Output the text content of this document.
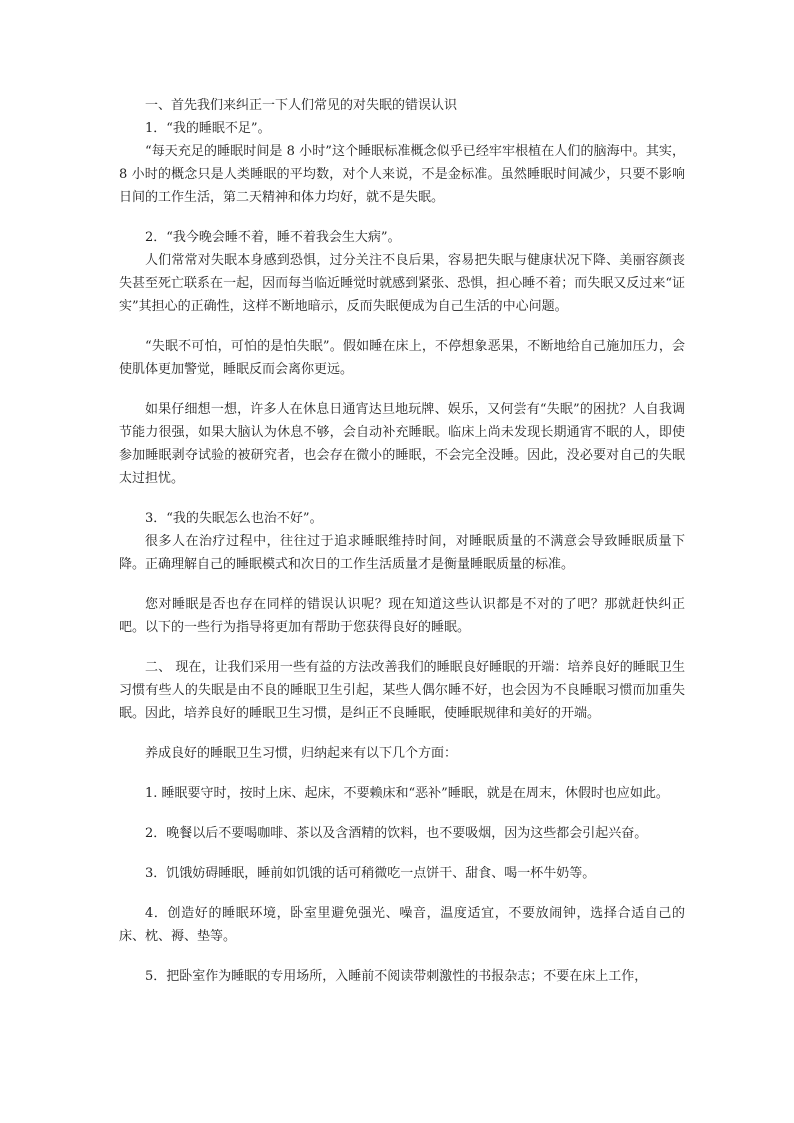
一、首先我们来纠正一下人们常见的对失眠的错误认识

1．“我的睡眠不足”。

“每天充足的睡眠时间是 8 小时”这个睡眠标准概念似乎已经牢牢根植在人们的脑海中。其实， 8 小时的概念只是人类睡眠的平均数，对个人来说，不是金标准。虽然睡眠时间减少，只要不影响日间的工作生活，第二天精神和体力均好，就不是失眠。

2．“我今晚会睡不着，睡不着我会生大病”。

人们常常对失眠本身感到恐惧，过分关注不良后果，容易把失眠与健康状况下降、美丽容颜丧失甚至死亡联系在一起，因而每当临近睡觉时就感到紧张、恐惧，担心睡不着；而失眠又反过来“证实”其担心的正确性，这样不断地暗示，反而失眠便成为自己生活的中心问题。

“失眠不可怕，可怕的是怕失眠”。假如睡在床上，不停想象恶果，不断地给自己施加压力，会使肌体更加警觉，睡眠反而会离你更远。

如果仔细想一想，许多人在休息日通宵达旦地玩牌、娱乐，又何尝有“失眠”的困扰？人自我调节能力很强，如果大脑认为休息不够，会自动补充睡眠。临床上尚未发现长期通宵不眠的人，即使参加睡眠剥夺试验的被研究者，也会存在微小的睡眠，不会完全没睡。因此，没必要对自己的失眠太过担忧。

3．“我的失眠怎么也治不好”。

很多人在治疗过程中，往往过于追求睡眠维持时间，对睡眠质量的不满意会导致睡眠质量下降。正确理解自己的睡眠模式和次日的工作生活质量才是衡量睡眠质量的标准。

您对睡眠是否也存在同样的错误认识呢？现在知道这些认识都是不对的了吧？那就赶快纠正吧。以下的一些行为指导将更加有帮助于您获得良好的睡眠。

二、 现在，让我们采用一些有益的方法改善我们的睡眠良好睡眠的开端：培养良好的睡眠卫生习惯有些人的失眠是由不良的睡眠卫生引起，某些人偶尔睡不好，也会因为不良睡眠习惯而加重失眠。因此，培养良好的睡眠卫生习惯，是纠正不良睡眠，使睡眠规律和美好的开端。

养成良好的睡眠卫生习惯，归纳起来有以下几个方面：

1. 睡眠要守时，按时上床、起床，不要赖床和“恶补”睡眠，就是在周末，休假时也应如此。

2．晚餐以后不要喝咖啡、茶以及含酒精的饮料，也不要吸烟，因为这些都会引起兴奋。

3．饥饿妨碍睡眠，睡前如饥饿的话可稍微吃一点饼干、甜食、喝一杯牛奶等。

4．创造好的睡眠环境，卧室里避免强光、噪音，温度适宜，不要放闹钟，选择合适自己的床、枕、褥、垫等。

5．把卧室作为睡眠的专用场所，入睡前不阅读带刺激性的书报杂志；不要在床上工作，
